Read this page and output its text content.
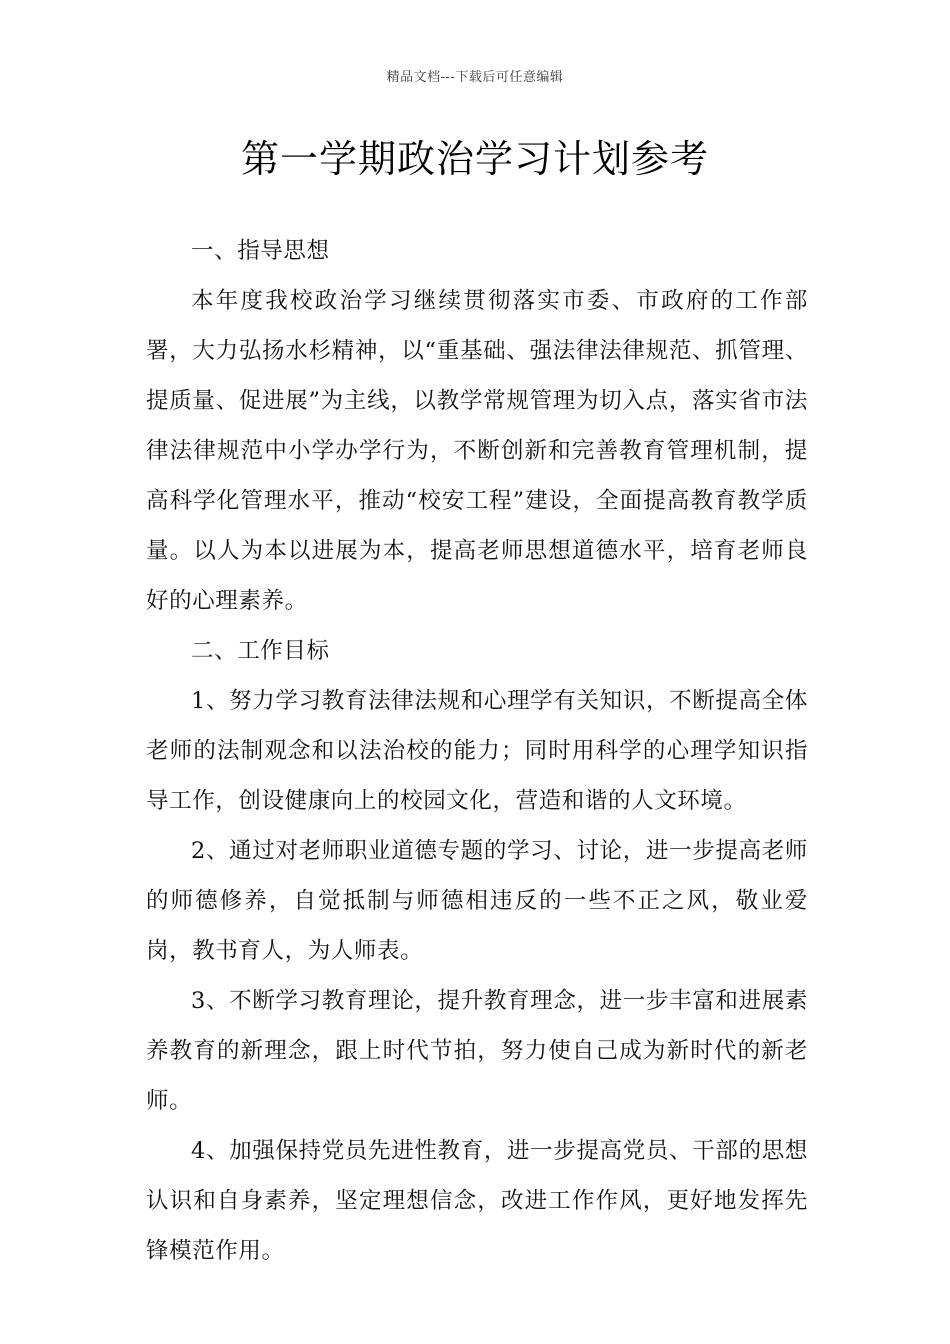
精品文档---下载后可任意编辑
第一学期政治学习计划参考

一、指导思想

本年度我校政治学习继续贯彻落实市委、市政府的工作部署，大力弘扬水杉精神，以“重基础、强法律法律规范、抓管理、提质量、促进展”为主线，以教学常规管理为切入点，落实省市法律法律规范中小学办学行为，不断创新和完善教育管理机制，提高科学化管理水平，推动“校安工程”建设，全面提高教育教学质量。以人为本以进展为本，提高老师思想道德水平，培育老师良好的心理素养。

二、工作目标

1、努力学习教育法律法规和心理学有关知识，不断提高全体老师的法制观念和以法治校的能力；同时用科学的心理学知识指导工作，创设健康向上的校园文化，营造和谐的人文环境。

2、通过对老师职业道德专题的学习、讨论，进一步提高老师的师德修养，自觉抵制与师德相违反的一些不正之风，敬业爱岗，教书育人，为人师表。

3、不断学习教育理论，提升教育理念，进一步丰富和进展素养教育的新理念，跟上时代节拍，努力使自己成为新时代的新老师。

4、加强保持党员先进性教育，进一步提高党员、干部的思想认识和自身素养，坚定理想信念，改进工作作风，更好地发挥先锋模范作用。
